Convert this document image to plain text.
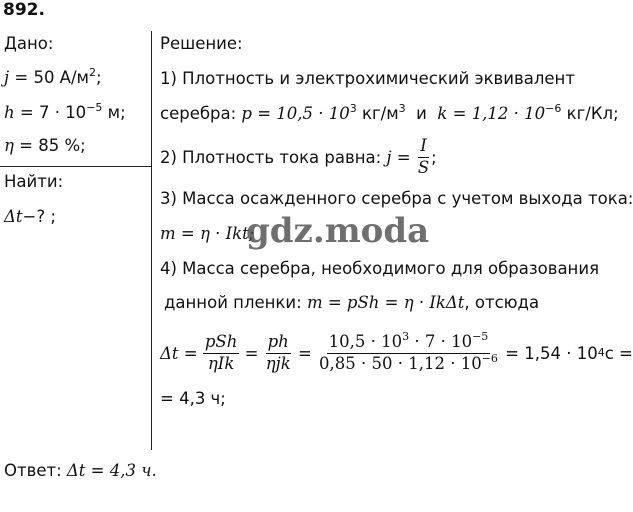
892.
Дано:
j = 50 $А/м^2$;
$h = 7 \cdot 10^{-5}$ м;
η = 85 %;
Найти:
Δt−? ;
Решение:
1) Плотность и электрохимический эквивалент
серебра: $p = 10,5 \cdot 10^3$ $кг/м^3$  и  $k = 1,12 \cdot 10^{-6}$ кг/Кл;
2) Плотность тока равна: $j = \frac{I}{S}$ ;
3) Масса осажденного серебра с учетом выхода тока:
m = η · Ikt;
4) Масса серебра, необходимого для образования
данной пленки: m = pSh = η · IkΔt, отсюда
$\Delta t = \frac{\text{pSh}}{\text{ηIk}} = \frac{ph}{\text{ηjk}} = \frac{10,5 \cdot 10^3 \cdot 7 \cdot 10^{-5}}{0,85 \cdot 50 \cdot 1,12 \cdot 10^{-6}} = 1,54 \cdot 10$ 4 с =
= 4,3 ч;
Ответ: Δt = 4,3 ч.
gdz.moda
